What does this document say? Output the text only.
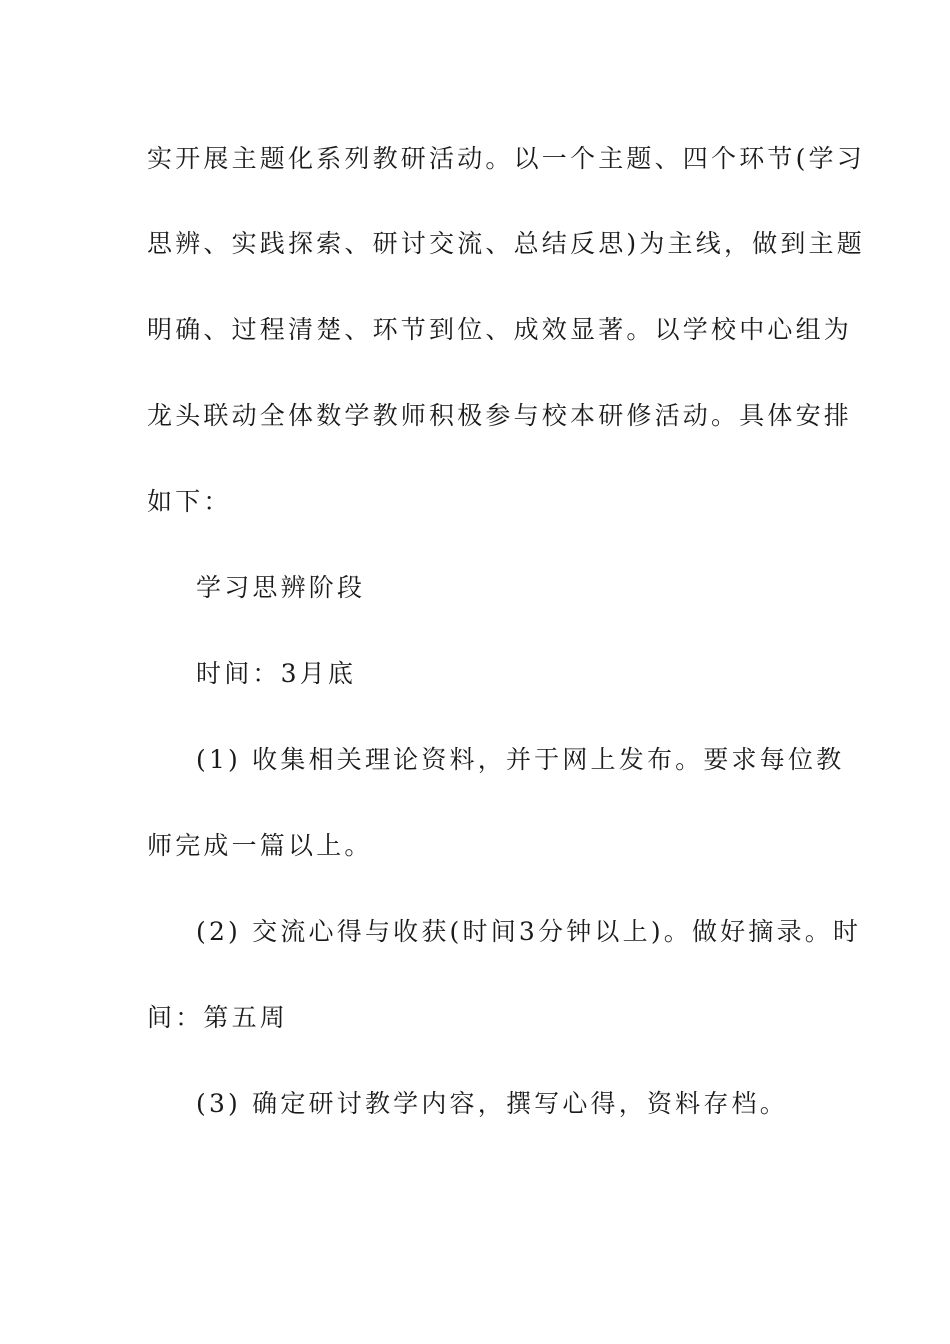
实开展主题化系列教研活动。以一个主题、四个环节(学习

思辨、实践探索、研讨交流、总结反思)为主线，做到主题

明确、过程清楚、环节到位、成效显著。以学校中心组为

龙头联动全体数学教师积极参与校本研修活动。具体安排

如下：

学习思辨阶段

时间：3月底

(1) 收集相关理论资料，并于网上发布。要求每位教

师完成一篇以上。

(2) 交流心得与收获(时间3分钟以上)。做好摘录。时

间：第五周

(3) 确定研讨教学内容，撰写心得，资料存档。
